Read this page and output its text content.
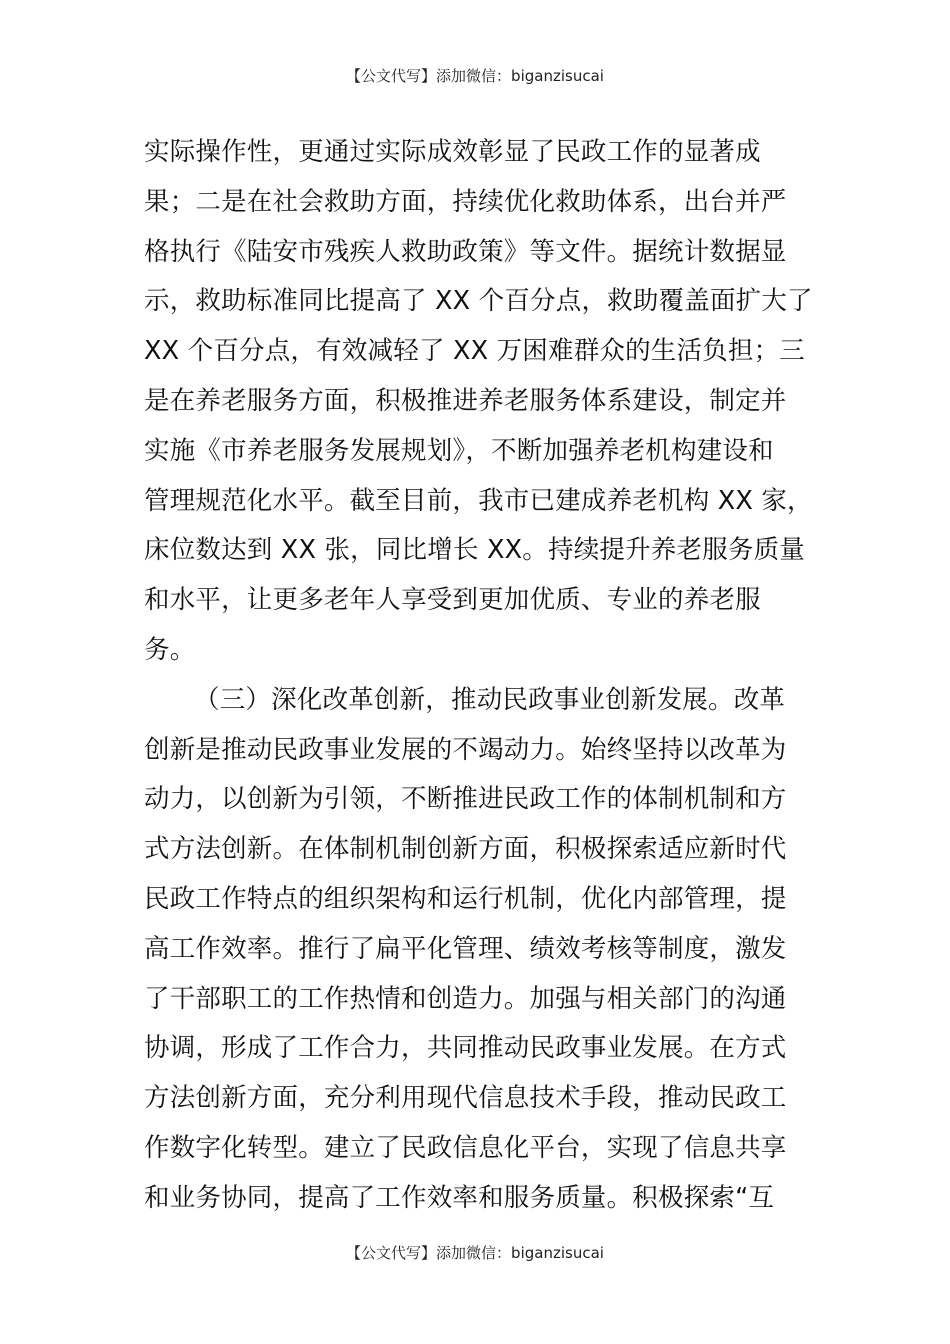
【公文代写】添加微信：biganzisucai
实际操作性，更通过实际成效彰显了民政工作的显著成
果；二是在社会救助方面，持续优化救助体系，出台并严
格执行《陆安市残疾人救助政策》等文件。据统计数据显
示，救助标准同比提高了 XX 个百分点，救助覆盖面扩大了
XX 个百分点，有效减轻了 XX 万困难群众的生活负担；三
是在养老服务方面，积极推进养老服务体系建设，制定并
实施《市养老服务发展规划》，不断加强养老机构建设和
管理规范化水平。截至目前，我市已建成养老机构 XX 家，
床位数达到 XX 张，同比增长 XX。持续提升养老服务质量
和水平，让更多老年人享受到更加优质、专业的养老服
务。
（三）深化改革创新，推动民政事业创新发展。改革
创新是推动民政事业发展的不竭动力。始终坚持以改革为
动力，以创新为引领，不断推进民政工作的体制机制和方
式方法创新。在体制机制创新方面，积极探索适应新时代
民政工作特点的组织架构和运行机制，优化内部管理，提
高工作效率。推行了扁平化管理、绩效考核等制度，激发
了干部职工的工作热情和创造力。加强与相关部门的沟通
协调，形成了工作合力，共同推动民政事业发展。在方式
方法创新方面，充分利用现代信息技术手段，推动民政工
作数字化转型。建立了民政信息化平台，实现了信息共享
和业务协同，提高了工作效率和服务质量。积极探索“互
【公文代写】添加微信：biganzisucai
